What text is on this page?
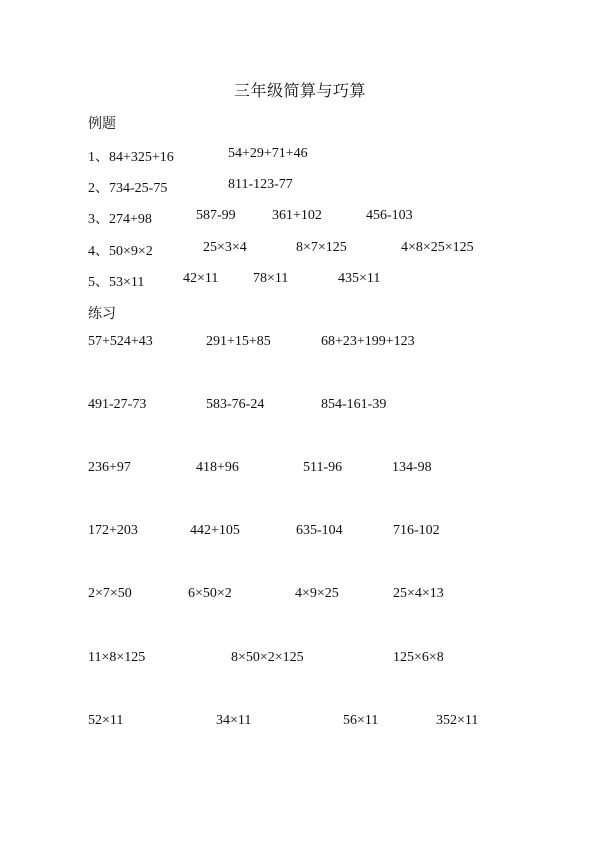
三年级简算与巧算
例题
1、84+325+16	54+29+71+46
2、734-25-75	811-123-77
3、274+98	587-99	361+102	456-103
4、50×9×2	25×3×4	8×7×125	4×8×25×125
5、53×11	42×11 78×11	435×11
练习
57+524+43	291+15+85	68+23+199+123
491-27-73	583-76-24	854-161-39
236+97	418+96	511-96	134-98
172+203	442+105	635-104	716-102
2×7×50	6×50×2	4×9×25	25×4×13
11×8×125	8×50×2×125	125×6×8
52×11	34×11	56×11	352×11
